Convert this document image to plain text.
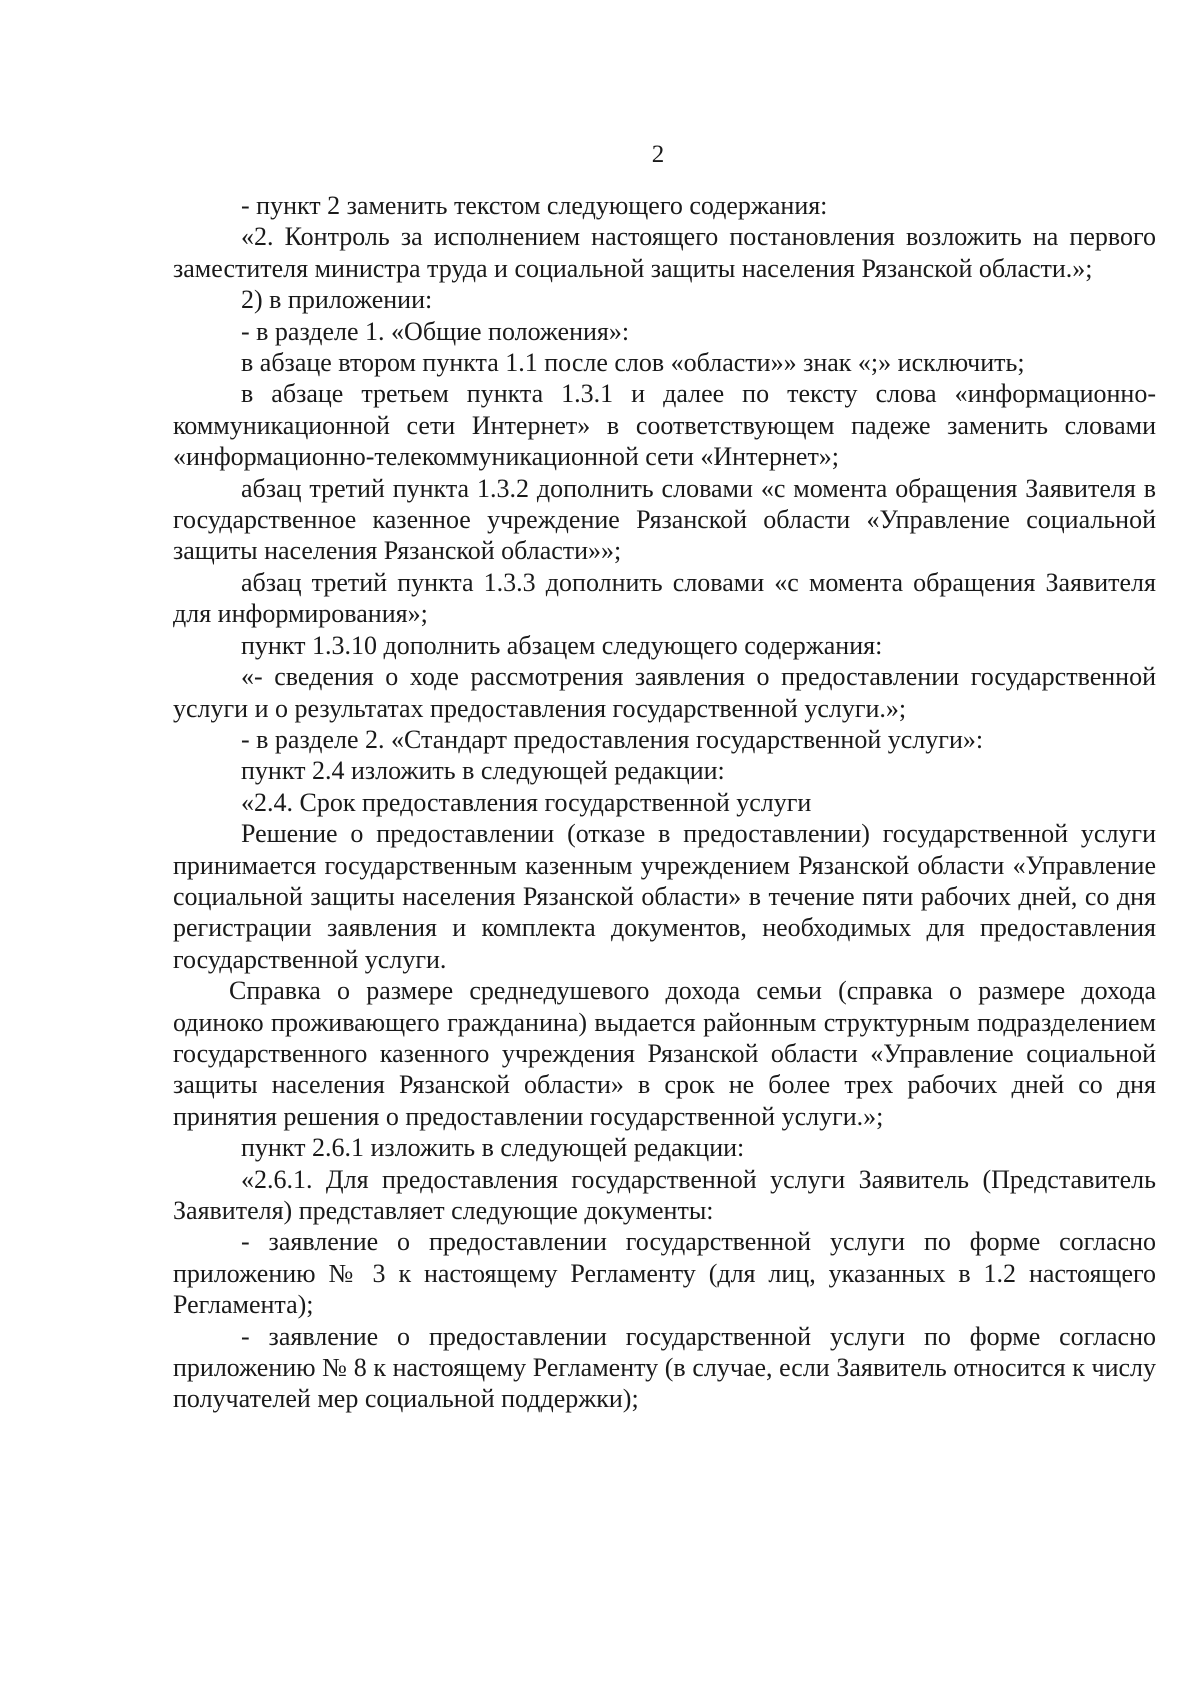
2

- пункт 2 заменить текстом следующего содержания:

«2. Контроль за исполнением настоящего постановления возложить на первого заместителя министра труда и социальной защиты населения Рязанской области.»;

2) в приложении:

- в разделе 1. «Общие положения»:

в абзаце втором пункта 1.1 после слов «области»» знак «;» исключить;

в абзаце третьем пункта 1.3.1 и далее по тексту слова «информационно-коммуникационной сети Интернет» в соответствующем падеже заменить словами «информационно-телекоммуникационной сети «Интернет»;

абзац третий пункта 1.3.2 дополнить словами «с момента обращения Заявителя в государственное казенное учреждение Рязанской области «Управление социальной защиты населения Рязанской области»»;

абзац третий пункта 1.3.3 дополнить словами «с момента обращения Заявителя для информирования»;

пункт 1.3.10 дополнить абзацем следующего содержания:

«- сведения о ходе рассмотрения заявления о предоставлении государственной услуги и о результатах предоставления государственной услуги.»;

- в разделе 2. «Стандарт предоставления государственной услуги»:

пункт 2.4 изложить в следующей редакции:

«2.4. Срок предоставления государственной услуги

Решение о предоставлении (отказе в предоставлении) государственной услуги принимается государственным казенным учреждением Рязанской области «Управление социальной защиты населения Рязанской области» в течение пяти рабочих дней, со дня регистрации заявления и комплекта документов, необходимых для предоставления государственной услуги.

Справка о размере среднедушевого дохода семьи (справка о размере дохода одиноко проживающего гражданина) выдается районным структурным подразделением государственного казенного учреждения Рязанской области «Управление социальной защиты населения Рязанской области» в срок не более трех рабочих дней со дня принятия решения о предоставлении государственной услуги.»;

пункт 2.6.1 изложить в следующей редакции:

«2.6.1. Для предоставления государственной услуги Заявитель (Представитель Заявителя) представляет следующие документы:

- заявление о предоставлении государственной услуги по форме согласно приложению № 3 к настоящему Регламенту (для лиц, указанных в 1.2 настоящего Регламента);

- заявление о предоставлении государственной услуги по форме согласно приложению № 8 к настоящему Регламенту (в случае, если Заявитель относится к числу получателей мер социальной поддержки);
